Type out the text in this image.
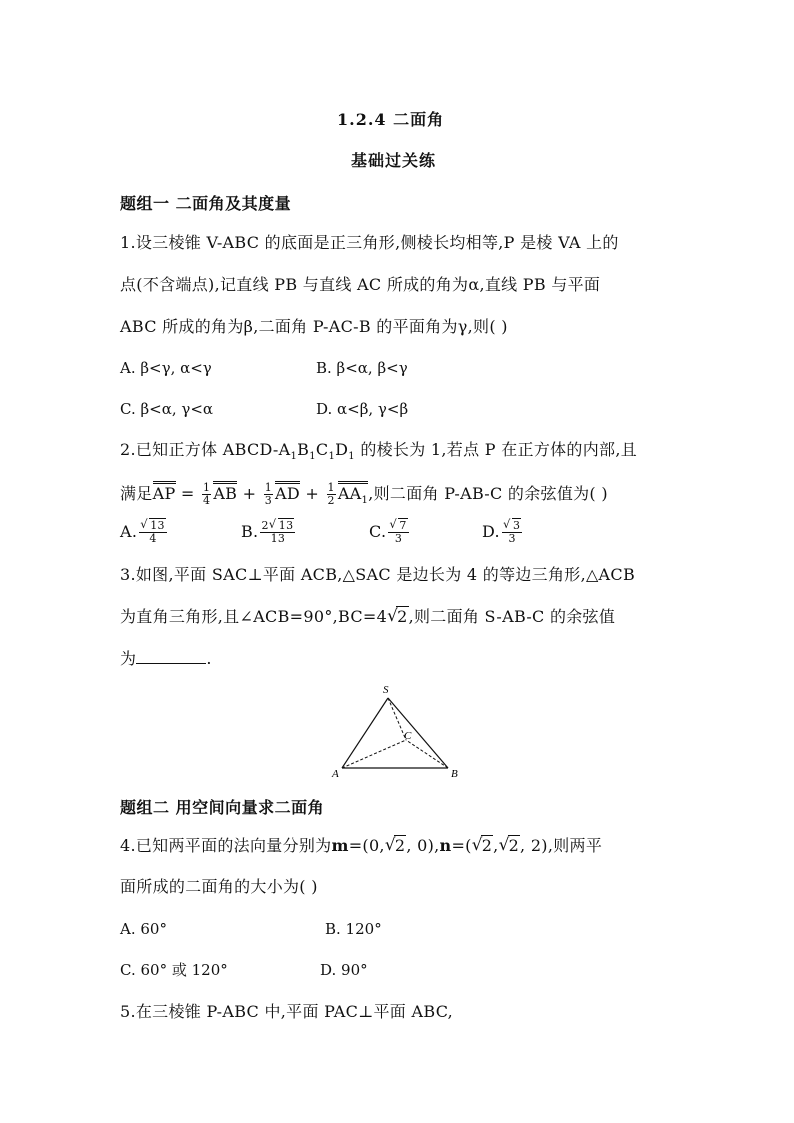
1.2.4 二面角
基础过关练
题组一 二面角及其度量
1.设三棱锥 V-ABC 的底面是正三角形,侧棱长均相等,P 是棱 VA 上的
点(不含端点),记直线 PB 与直线 AC 所成的角为α,直线 PB 与平面
ABC 所成的角为β,二面角 P-AC-B 的平面角为γ,则( )
A. β<γ, α<γ	B. β<α, β<γ
C. β<α, γ<α	D. α<β, γ<β
2.已知正方体 ABCD-$A_1B_1C_1D_1$ 的棱长为 1,若点 P 在正方体的内部,且
满足AP = $\frac{1}{4}$ AB + $\frac{1}{3}$ AD + $\frac{1}{2} AA_1$,则二面角 P-AB-C 的余弦值为( )
A. √ $\frac{13}{4}$	B. $\frac{2 √ 13}{13}$	C. √ $\frac{7}{3}$	D. √ $\frac{3}{3}$
3.如图,平面 SAC⊥平面 ACB,△SAC 是边长为 4 的等边三角形,△ACB
为直角三角形,且∠ACB=90°,BC=4 √ 2,则二面角 S-AB-C 的余弦值
为	.
S
A	B
C
题组二 用空间向量求二面角
4.已知两平面的法向量分别为m=(0, √ 2, 0),n=( √ 2, √ 2, 2),则两平
面所成的二面角的大小为( )
A. 60°	B. 120°
C. 60° 或 120°	D. 90°
5.在三棱锥 P-ABC 中,平面 PAC⊥平面 ABC,
